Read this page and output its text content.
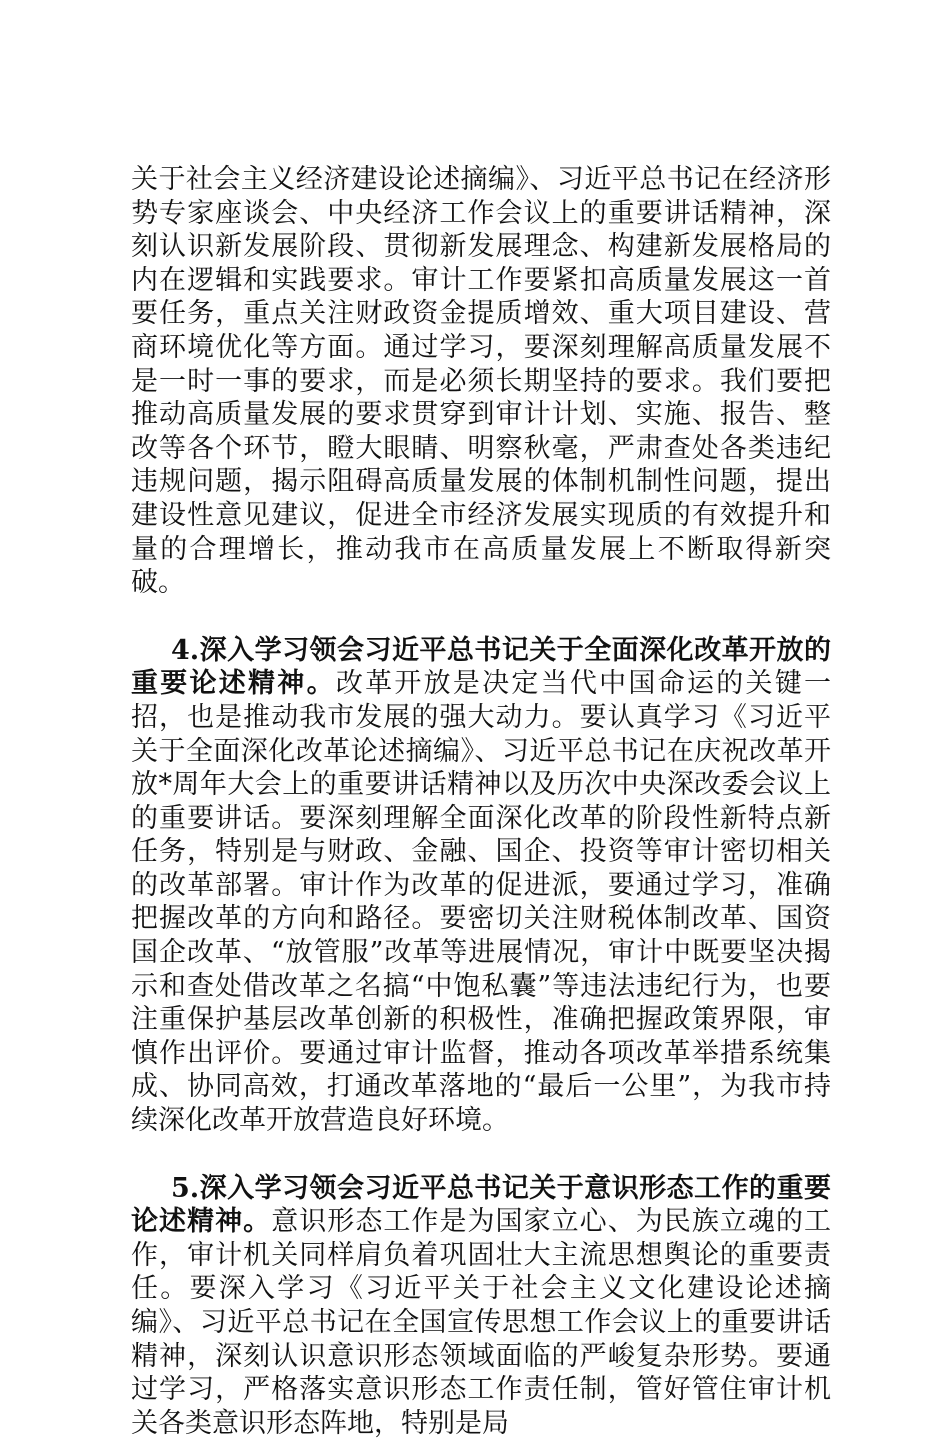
关于社会主义经济建设论述摘编》、习近平总书记在经济形势专家座谈会、中央经济工作会议上的重要讲话精神，深刻认识新发展阶段、贯彻新发展理念、构建新发展格局的内在逻辑和实践要求。审计工作要紧扣高质量发展这一首要任务，重点关注财政资金提质增效、重大项目建设、营商环境优化等方面。通过学习，要深刻理解高质量发展不是一时一事的要求，而是必须长期坚持的要求。我们要把推动高质量发展的要求贯穿到审计计划、实施、报告、整改等各个环节，瞪大眼睛、明察秋毫，严肃查处各类违纪违规问题，揭示阻碍高质量发展的体制机制性问题，提出建设性意见建议，促进全市经济发展实现质的有效提升和量的合理增长，推动我市在高质量发展上不断取得新突破。

4.深入学习领会习近平总书记关于全面深化改革开放的重要论述精神。改革开放是决定当代中国命运的关键一招，也是推动我市发展的强大动力。要认真学习《习近平关于全面深化改革论述摘编》、习近平总书记在庆祝改革开放*周年大会上的重要讲话精神以及历次中央深改委会议上的重要讲话。要深刻理解全面深化改革的阶段性新特点新任务，特别是与财政、金融、国企、投资等审计密切相关的改革部署。审计作为改革的促进派，要通过学习，准确把握改革的方向和路径。要密切关注财税体制改革、国资国企改革、“放管服”改革等进展情况，审计中既要坚决揭示和查处借改革之名搞“中饱私囊”等违法违纪行为，也要注重保护基层改革创新的积极性，准确把握政策界限，审慎作出评价。要通过审计监督，推动各项改革举措系统集成、协同高效，打通改革落地的“最后一公里”，为我市持续深化改革开放营造良好环境。

5.深入学习领会习近平总书记关于意识形态工作的重要论述精神。意识形态工作是为国家立心、为民族立魂的工作，审计机关同样肩负着巩固壮大主流思想舆论的重要责任。要深入学习《习近平关于社会主义文化建设论述摘编》、习近平总书记在全国宣传思想工作会议上的重要讲话精神，深刻认识意识形态领域面临的严峻复杂形势。要通过学习，严格落实意识形态工作责任制，管好管住审计机关各类意识形态阵地，特别是局
